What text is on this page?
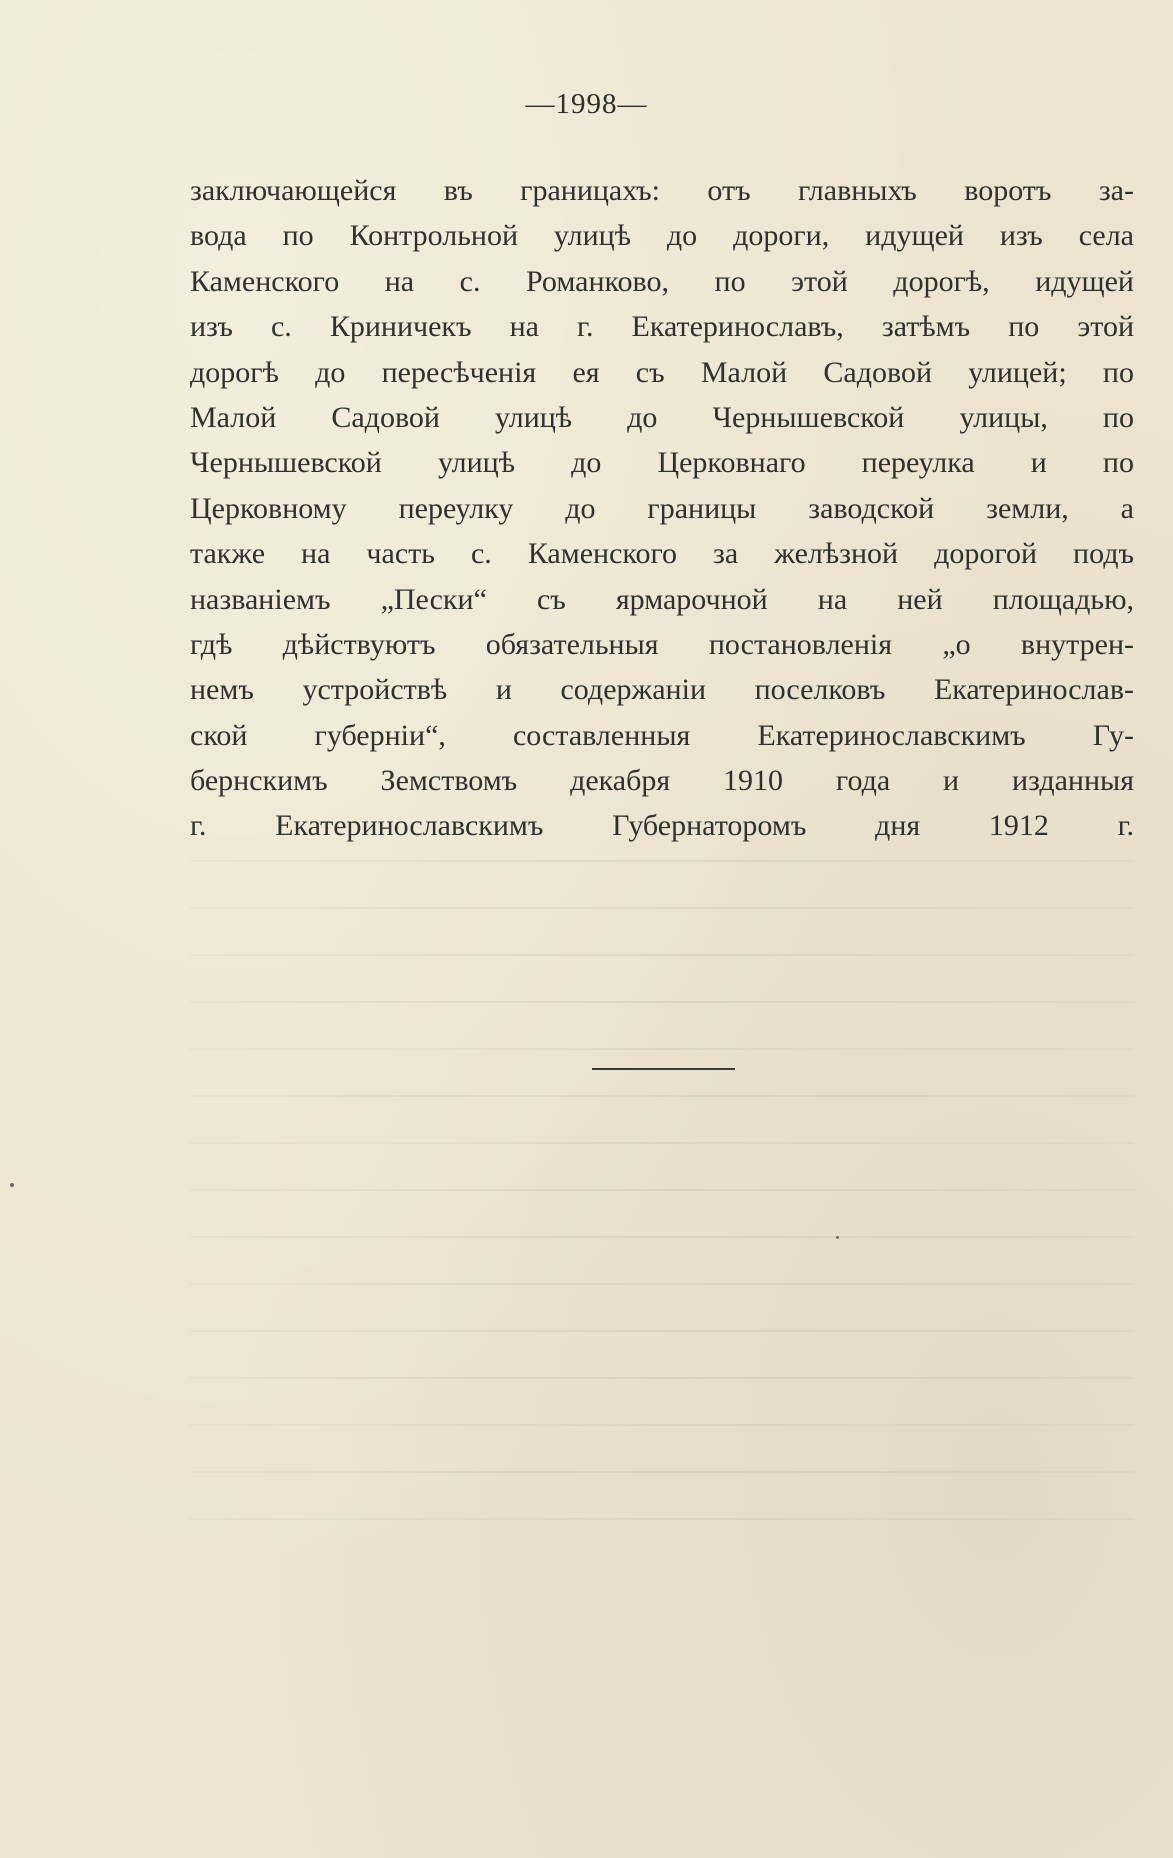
—1998—
заключающейся въ границахъ: отъ главныхъ воротъ за-
вода по Контрольной улицѣ до дороги, идущей изъ села
Каменского на с. Романково, по этой дорогѣ, идущей
изъ с. Криничекъ на г. Екатеринославъ, затѣмъ по этой
дорогѣ до пересѣченія ея съ Малой Садовой улицей; по
Малой Садовой улицѣ до Чернышевской улицы, по
Чернышевской улицѣ до Церковнаго переулка и по
Церковному переулку до границы заводской земли, а
также на часть с. Каменского за желѣзной дорогой подъ
названіемъ „Пески“ съ ярмарочной на ней площадью,
гдѣ дѣйствуютъ обязательныя постановленія „о внутрен-
немъ устройствѣ и содержаніи поселковъ Екатеринослав-
ской губерніи“, составленныя Екатеринославскимъ Гу-
бернскимъ Земствомъ декабря 1910 года и изданныя
г. Екатеринославскимъ Губернаторомъ дня 1912 г.
